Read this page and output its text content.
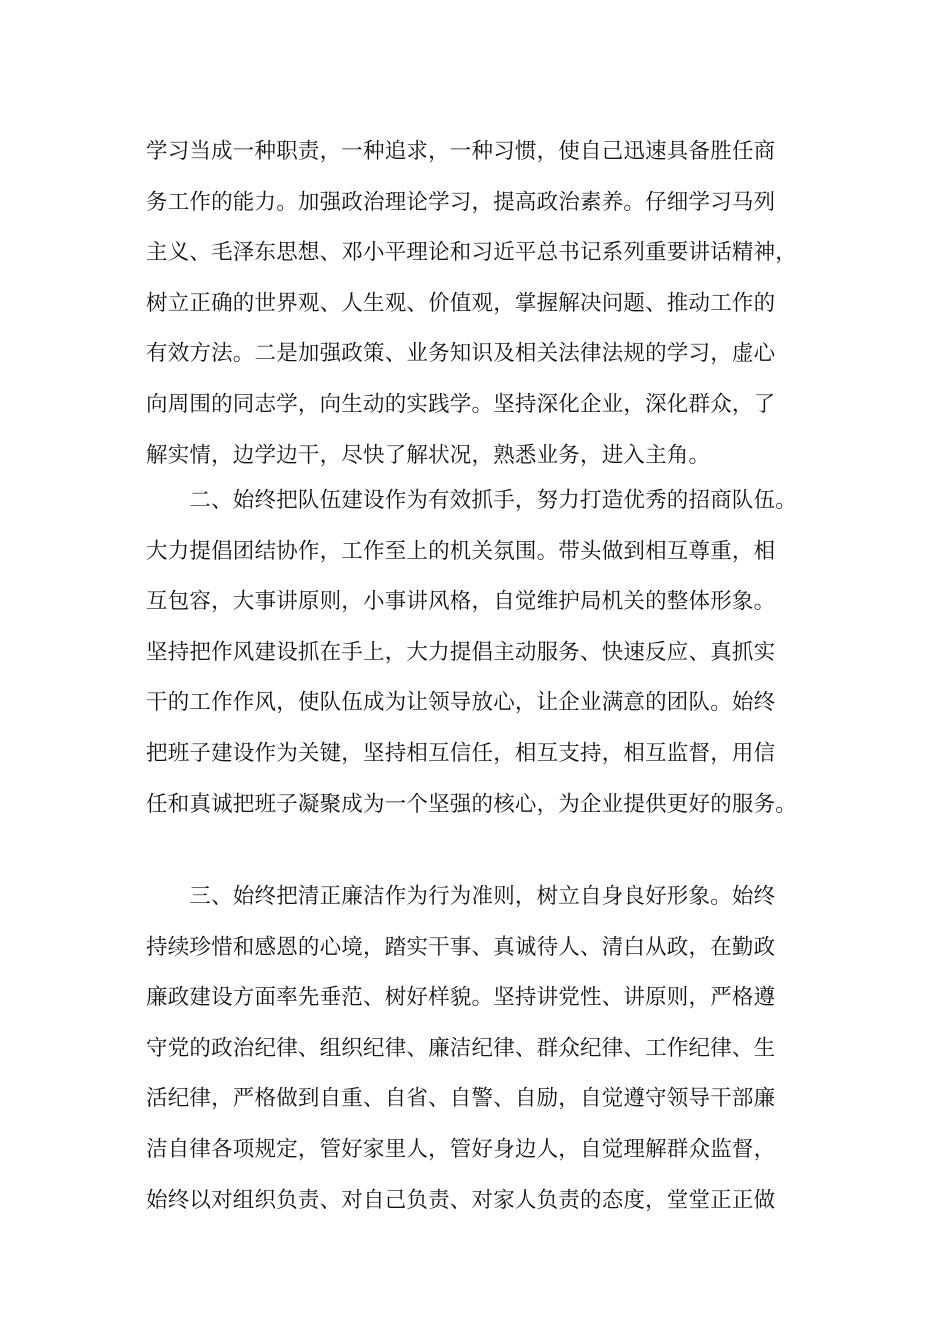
学习当成一种职责，一种追求，一种习惯，使自己迅速具备胜任商
务工作的能力。加强政治理论学习，提高政治素养。仔细学习马列
主义、毛泽东思想、邓小平理论和习近平总书记系列重要讲话精神，
树立正确的世界观、人生观、价值观，掌握解决问题、推动工作的
有效方法。二是加强政策、业务知识及相关法律法规的学习，虚心
向周围的同志学，向生动的实践学。坚持深化企业，深化群众，了
解实情，边学边干，尽快了解状况，熟悉业务，进入主角。
　　二、始终把队伍建设作为有效抓手，努力打造优秀的招商队伍。
大力提倡团结协作，工作至上的机关氛围。带头做到相互尊重，相
互包容，大事讲原则，小事讲风格，自觉维护局机关的整体形象。
坚持把作风建设抓在手上，大力提倡主动服务、快速反应、真抓实
干的工作作风，使队伍成为让领导放心，让企业满意的团队。始终
把班子建设作为关键，坚持相互信任，相互支持，相互监督，用信
任和真诚把班子凝聚成为一个坚强的核心，为企业提供更好的服务。
　　三、始终把清正廉洁作为行为准则，树立自身良好形象。始终
持续珍惜和感恩的心境，踏实干事、真诚待人、清白从政，在勤政
廉政建设方面率先垂范、树好样貌。坚持讲党性、讲原则，严格遵
守党的政治纪律、组织纪律、廉洁纪律、群众纪律、工作纪律、生
活纪律，严格做到自重、自省、自警、自励，自觉遵守领导干部廉
洁自律各项规定，管好家里人，管好身边人，自觉理解群众监督，
始终以对组织负责、对自己负责、对家人负责的态度，堂堂正正做
